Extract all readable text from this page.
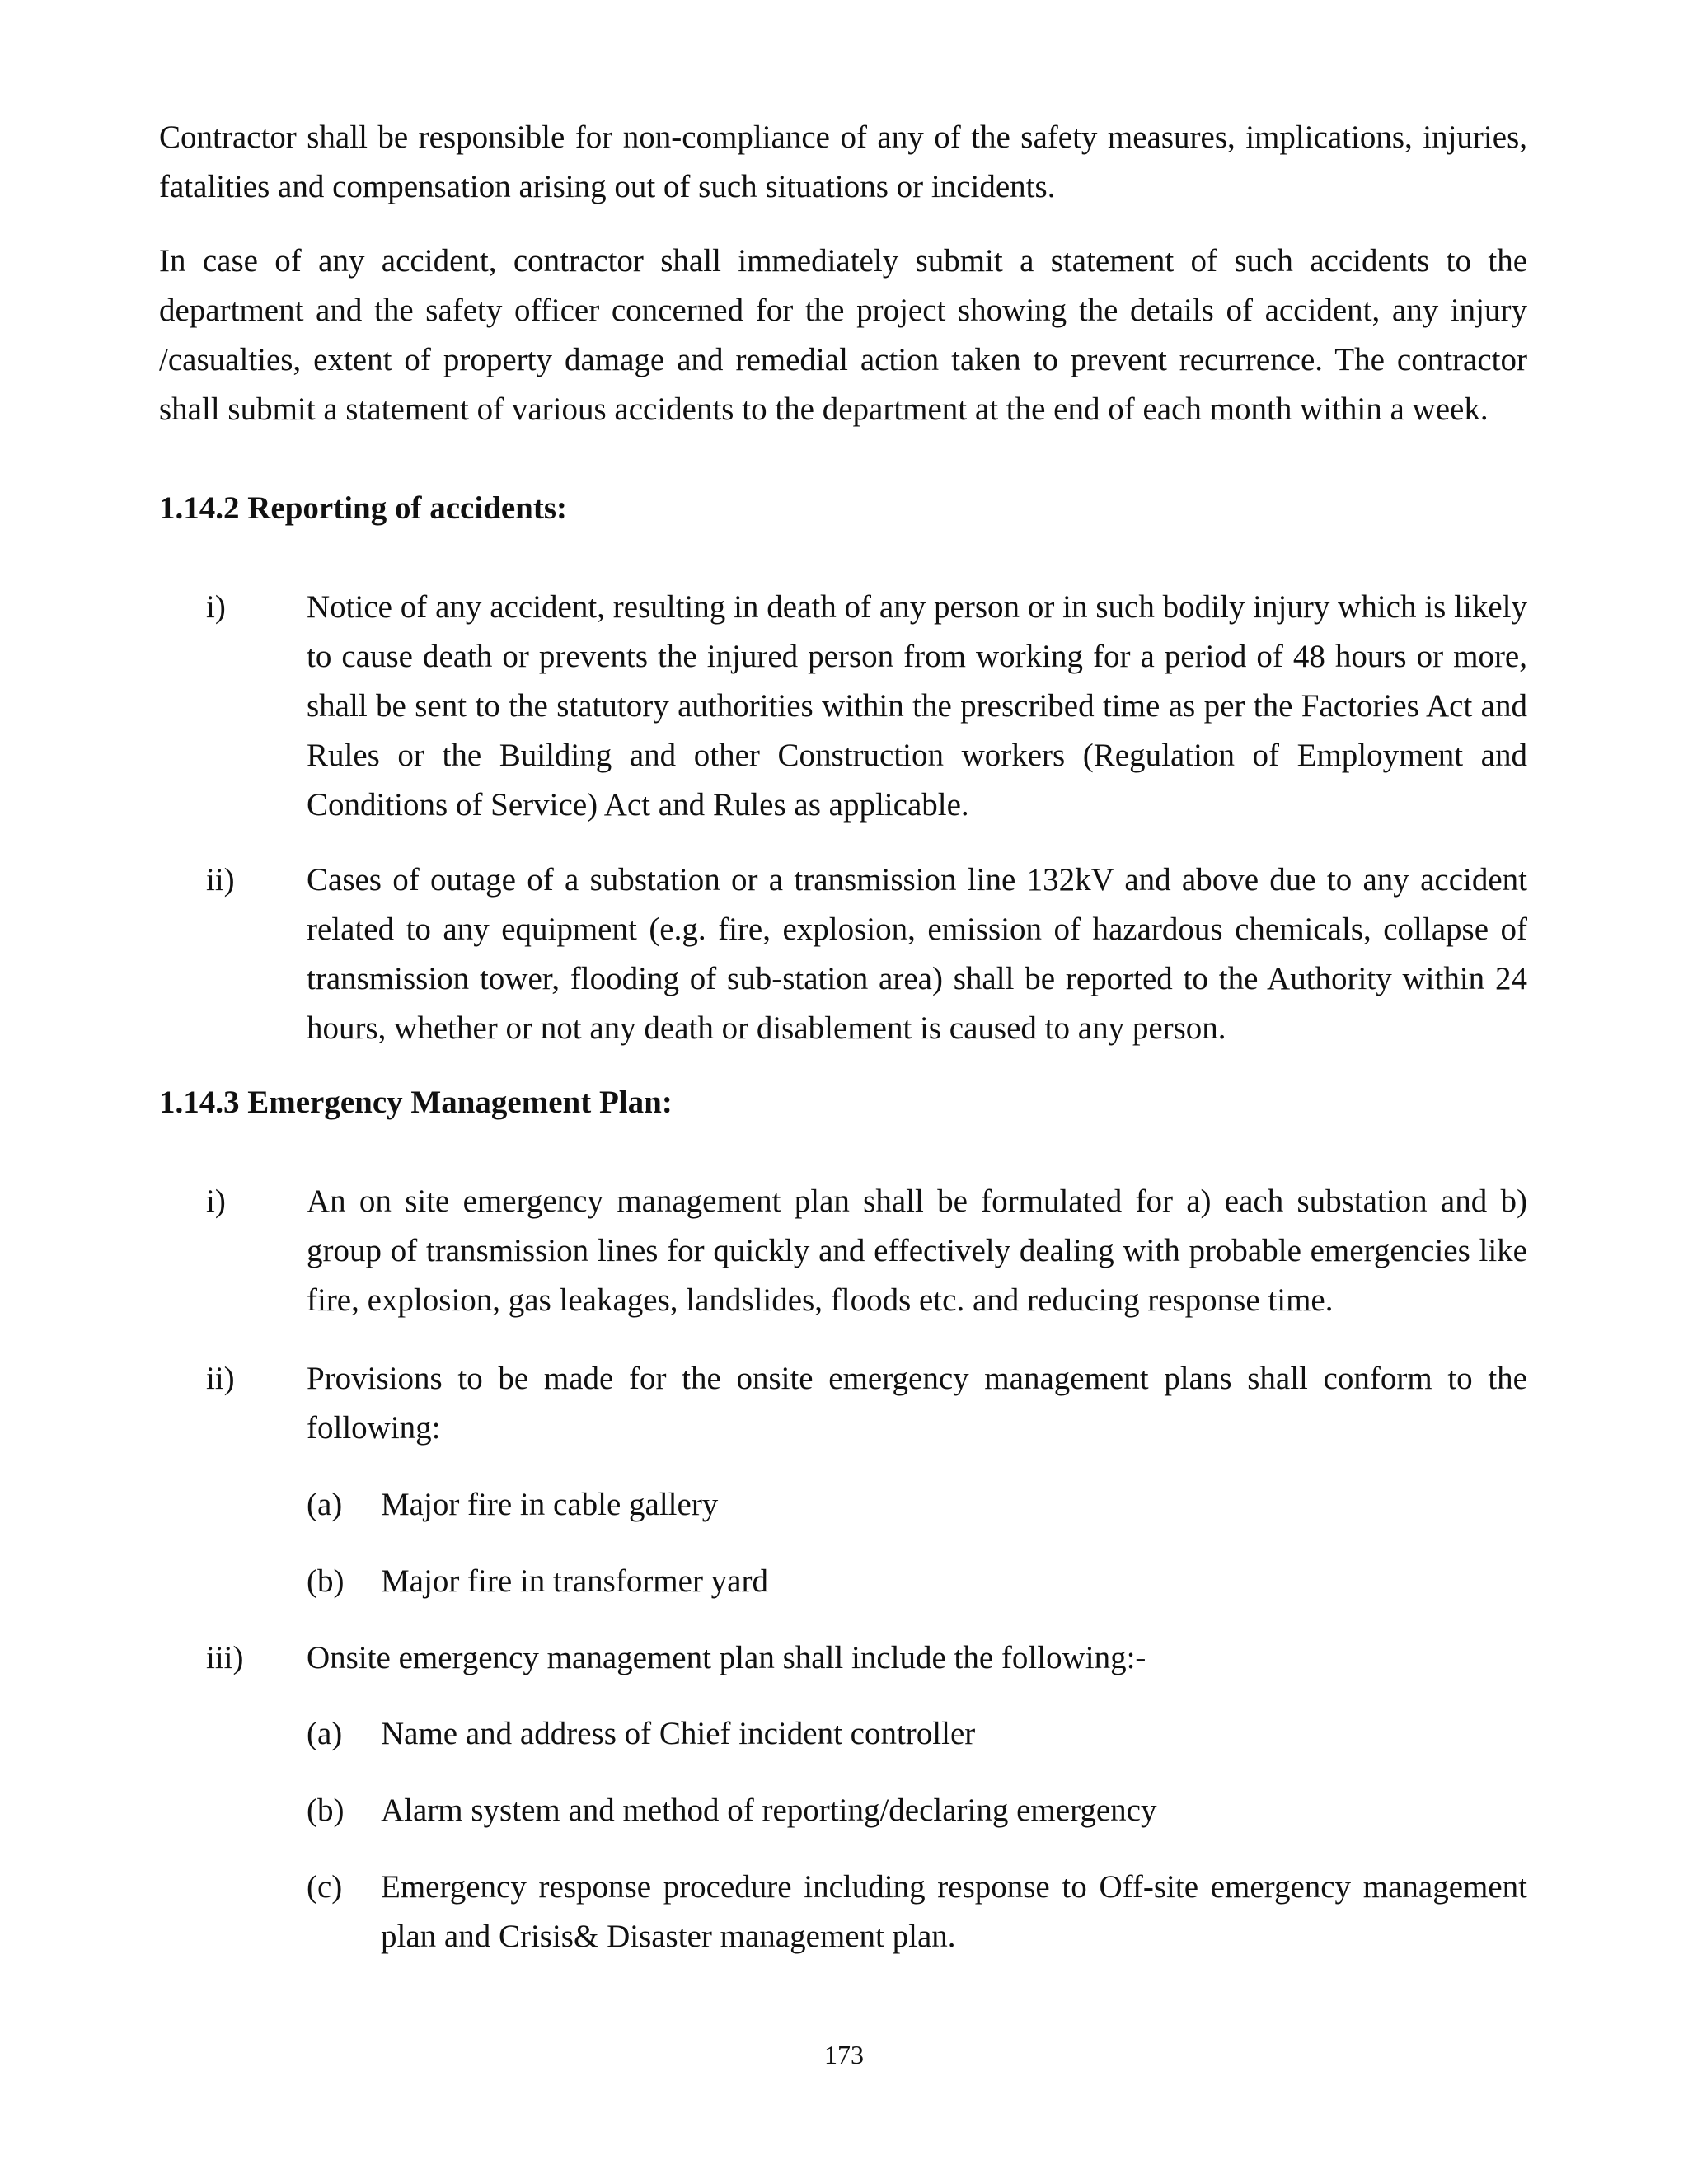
Contractor shall be responsible for non-compliance of any of the safety measures, implications, injuries, fatalities and compensation arising out of such situations or incidents.

In case of any accident, contractor shall immediately submit a statement of such accidents to the department and the safety officer concerned for the project showing the details of accident, any injury /casualties, extent of property damage and remedial action taken to prevent recurrence. The contractor shall submit a statement of various accidents to the department at the end of each month within a week.

1.14.2 Reporting of accidents:
i)	Notice of any accident, resulting in death of any person or in such bodily injury which is likely to cause death or prevents the injured person from working for a period of 48 hours or more, shall be sent to the statutory authorities within the prescribed time as per the Factories Act and Rules or the Building and other Construction workers (Regulation of Employment and Conditions of Service) Act and Rules as applicable.

ii) Cases of outage of a substation or a transmission line 132kV and above due to any accident related to any equipment (e.g. fire, explosion, emission of hazardous chemicals, collapse of transmission tower, flooding of sub-station area) shall be reported to the Authority within 24 hours, whether or not any death or disablement is caused to any person.

1.14.3 Emergency Management Plan:
i)	An on site emergency management plan shall be formulated for a) each substation and b) group of transmission lines for quickly and effectively dealing with probable emergencies like fire, explosion, gas leakages, landslides, floods etc. and reducing response time.

ii) Provisions to be made for the onsite emergency management plans shall conform to the following:

(a) Major fire in cable gallery

(b) Major fire in transformer yard

iii) Onsite emergency management plan shall include the following:-

(a) Name and address of Chief incident controller

(b) Alarm system and method of reporting/declaring emergency

(c) Emergency response procedure including response to Off-site emergency management plan and Crisis& Disaster management plan.

173
